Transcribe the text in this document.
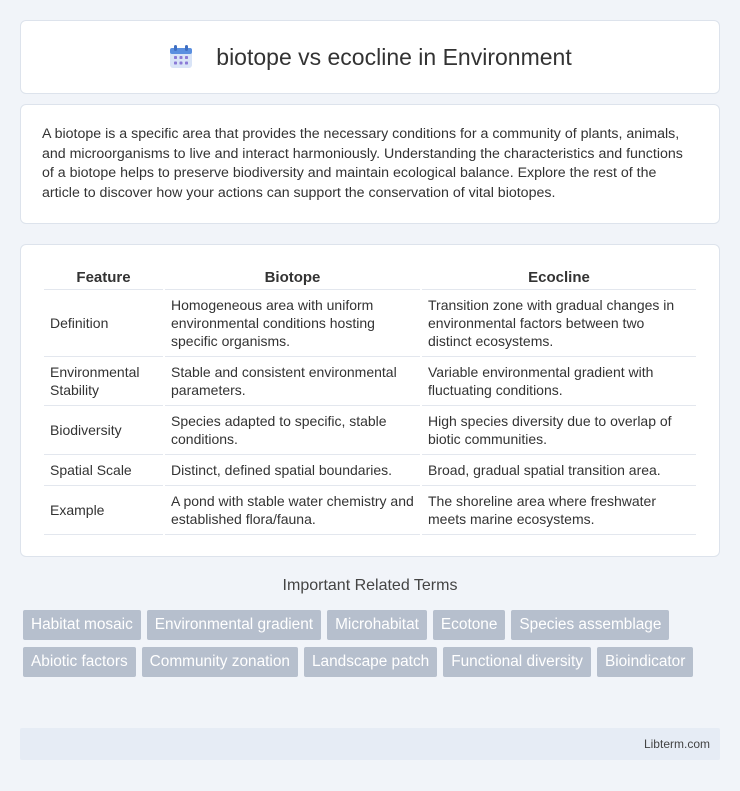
biotope vs ecocline in Environment

A biotope is a specific area that provides the necessary conditions for a community of plants, animals, and microorganisms to live and interact harmoniously. Understanding the characteristics and functions of a biotope helps to preserve biodiversity and maintain ecological balance. Explore the rest of the article to discover how your actions can support the conservation of vital biotopes.

Feature	Biotope	Ecocline
Definition	Homogeneous area with uniform environmental conditions hosting specific organisms.	Transition zone with gradual changes in environmental factors between two distinct ecosystems.
Environmental Stability	Stable and consistent environmental parameters.	Variable environmental gradient with fluctuating conditions.
Biodiversity	Species adapted to specific, stable conditions.	High species diversity due to overlap of biotic communities.
Spatial Scale	Distinct, defined spatial boundaries.	Broad, gradual spatial transition area.
Example	A pond with stable water chemistry and established flora/fauna.	The shoreline area where freshwater meets marine ecosystems.
Important Related Terms
Habitat mosaic	Environmental gradient	Microhabitat	Ecotone	Species assemblage
Abiotic factors	Community zonation	Landscape patch	Functional diversity	Bioindicator
Libterm.com
